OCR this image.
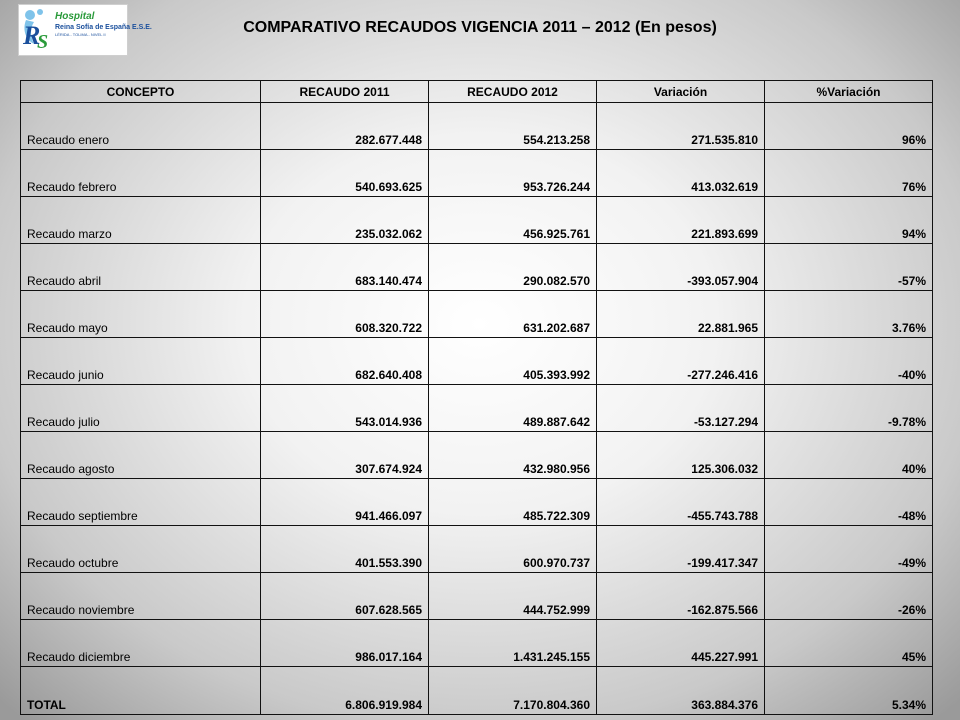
R
S
Hospital
Reina Sofía de España E.S.E.
LÉRIDA - TOLIMA - NIVEL II	COMPARATIVO RECAUDOS VIGENCIA 2011 – 2012 (En pesos)
CONCEPTO	RECAUDO 2011	RECAUDO 2012	Variación	%Variación
Recaudo enero	282.677.448	554.213.258	271.535.810	96%
Recaudo febrero	540.693.625	953.726.244	413.032.619	76%
Recaudo marzo	235.032.062	456.925.761	221.893.699	94%
Recaudo abril	683.140.474	290.082.570	-393.057.904	-57%
Recaudo mayo	608.320.722	631.202.687	22.881.965	3.76%
Recaudo junio	682.640.408	405.393.992	-277.246.416	-40%
Recaudo julio	543.014.936	489.887.642	-53.127.294	-9.78%
Recaudo agosto	307.674.924	432.980.956	125.306.032	40%
Recaudo septiembre	941.466.097	485.722.309	-455.743.788	-48%
Recaudo octubre	401.553.390	600.970.737	-199.417.347	-49%
Recaudo noviembre	607.628.565	444.752.999	-162.875.566	-26%
Recaudo diciembre	986.017.164	1.431.245.155	445.227.991	45%
TOTAL	6.806.919.984	7.170.804.360	363.884.376	5.34%
